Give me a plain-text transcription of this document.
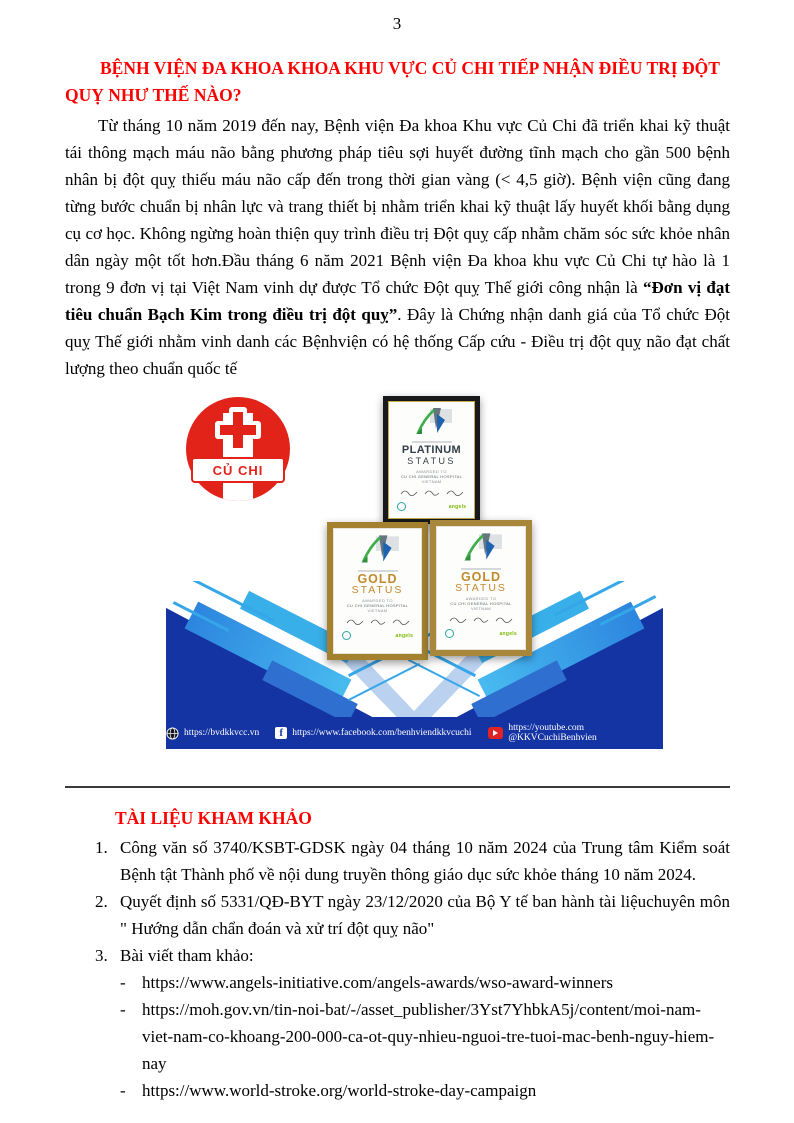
3
BỆNH VIỆN ĐA KHOA KHOA KHU VỰC CỦ CHI TIẾP NHẬN ĐIỀU TRỊ ĐỘT QUỴ NHƯ THẾ NÀO?

Từ tháng 10 năm 2019 đến nay, Bệnh viện Đa khoa Khu vực Củ Chi đã triển khai kỹ thuật tái thông mạch máu não bằng phương pháp tiêu sợi huyết đường tĩnh mạch cho gần 500 bệnh nhân bị đột quỵ thiếu máu não cấp đến trong thời gian vàng (< 4,5 giờ). Bệnh viện cũng đang từng bước chuẩn bị nhân lực và trang thiết bị nhằm triển khai kỹ thuật lấy huyết khối bằng dụng cụ cơ học. Không ngừng hoàn thiện quy trình điều trị Đột quỵ cấp nhằm chăm sóc sức khỏe nhân dân ngày một tốt hơn.Đầu tháng 6 năm 2021 Bệnh viện Đa khoa khu vực Củ Chi tự hào là 1 trong 9 đơn vị tại Việt Nam vinh dự được Tổ chức Đột quỵ Thế giới công nhận là “Đơn vị đạt tiêu chuẩn Bạch Kim trong điều trị đột quỵ”. Đây là Chứng nhận danh giá của Tổ chức Đột quỵ Thế giới nhằm vinh danh các Bệnhviện có hệ thống Cấp cứu - Điều trị đột quỵ não đạt chất lượng theo chuẩn quốc tế

CỦ CHI
https://bvdkkvcc.vn	f https://www.facebook.com/benhviendkkvcuchi	https://youtube.com @KKVCuchiBenhvien
PLATINUM
STATUS
AWARDED TO
CU CHI GENERAL HOSPITAL
VIETNAM
angels
GOLD
STATUS
AWARDED TO
CU CHI GENERAL HOSPITAL
VIETNAM
angels
GOLD
STATUS
AWARDED TO
CU CHI GENERAL HOSPITAL
VIETNAM
angels
TÀI LIỆU KHAM KHẢO
1. Công văn số 3740/KSBT-GDSK ngày 04 tháng 10 năm 2024 của Trung tâm Kiểm soát Bệnh tật Thành phố về nội dung truyền thông giáo dục sức khỏe tháng 10 năm 2024.
2. Quyết định số 5331/QĐ-BYT ngày 23/12/2020 của Bộ Y tế ban hành tài liệuchuyên môn " Hướng dẫn chẩn đoán và xử trí đột quỵ não"
3. Bài viết tham khảo:
- https://www.angels-initiative.com/angels-awards/wso-award-winners
- https://moh.gov.vn/tin-noi-bat/-/asset_publisher/3Yst7YhbkA5j/content/moi-nam-viet-nam-co-khoang-200-000-ca-ot-quy-nhieu-nguoi-tre-tuoi-mac-benh-nguy-hiem-nay
- https://www.world-stroke.org/world-stroke-day-campaign
